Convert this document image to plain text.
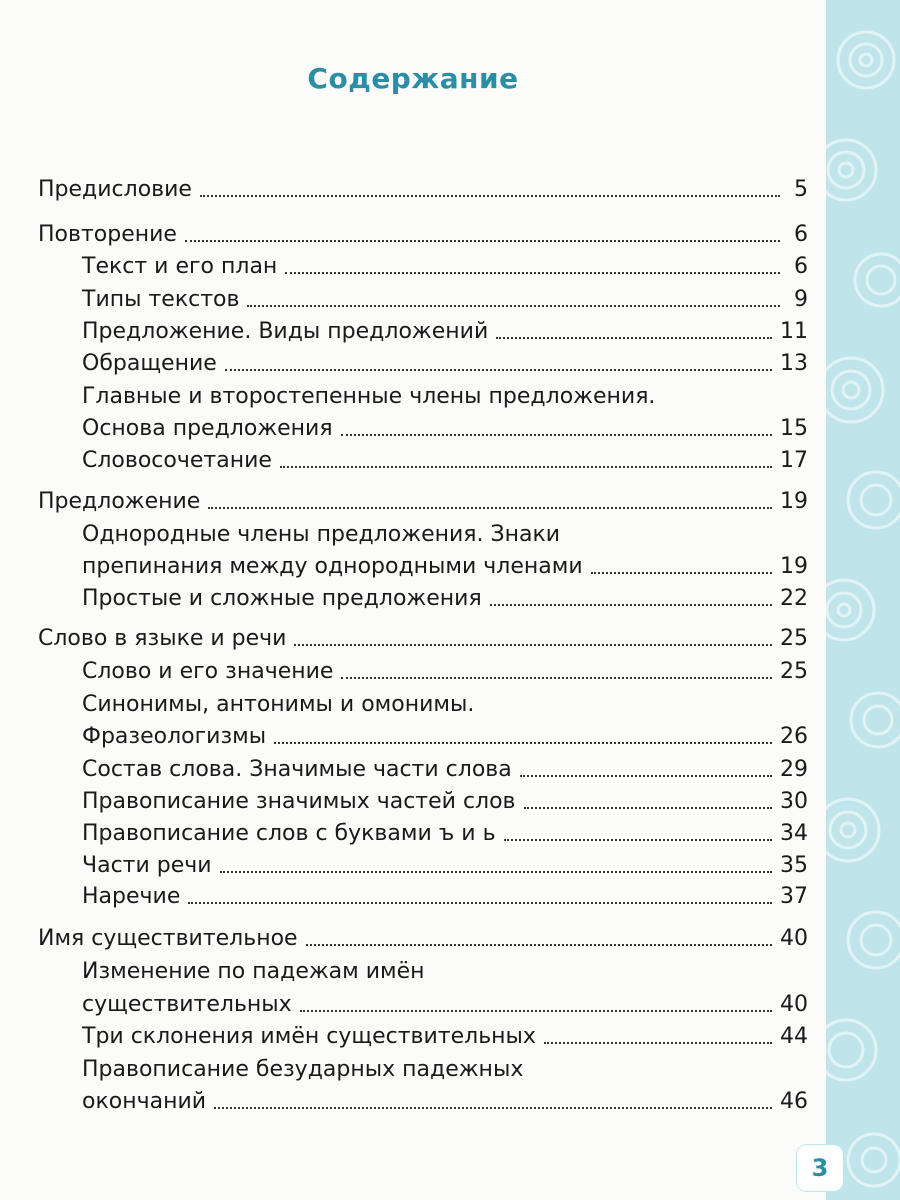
Содержание
Предисловие	5
Повторение	6
Текст и его план	6
Типы текстов	9
Предложение. Виды предложений	11
Обращение	13
Главные и второстепенные члены предложения.
Основа предложения	15
Словосочетание	17
Предложение	19
Однородные члены предложения. Знаки
препинания между однородными членами	19
Простые и сложные предложения	22
Слово в языке и речи	25
Слово и его значение	25
Синонимы, антонимы и омонимы.
Фразеологизмы	26
Состав слова. Значимые части слова	29
Правописание значимых частей слов	30
Правописание слов с буквами ъ и ь	34
Части речи	35
Наречие	37
Имя существительное	40
Изменение по падежам имён
существительных	40
Три склонения имён существительных	44
Правописание безударных падежных
окончаний	46
3
